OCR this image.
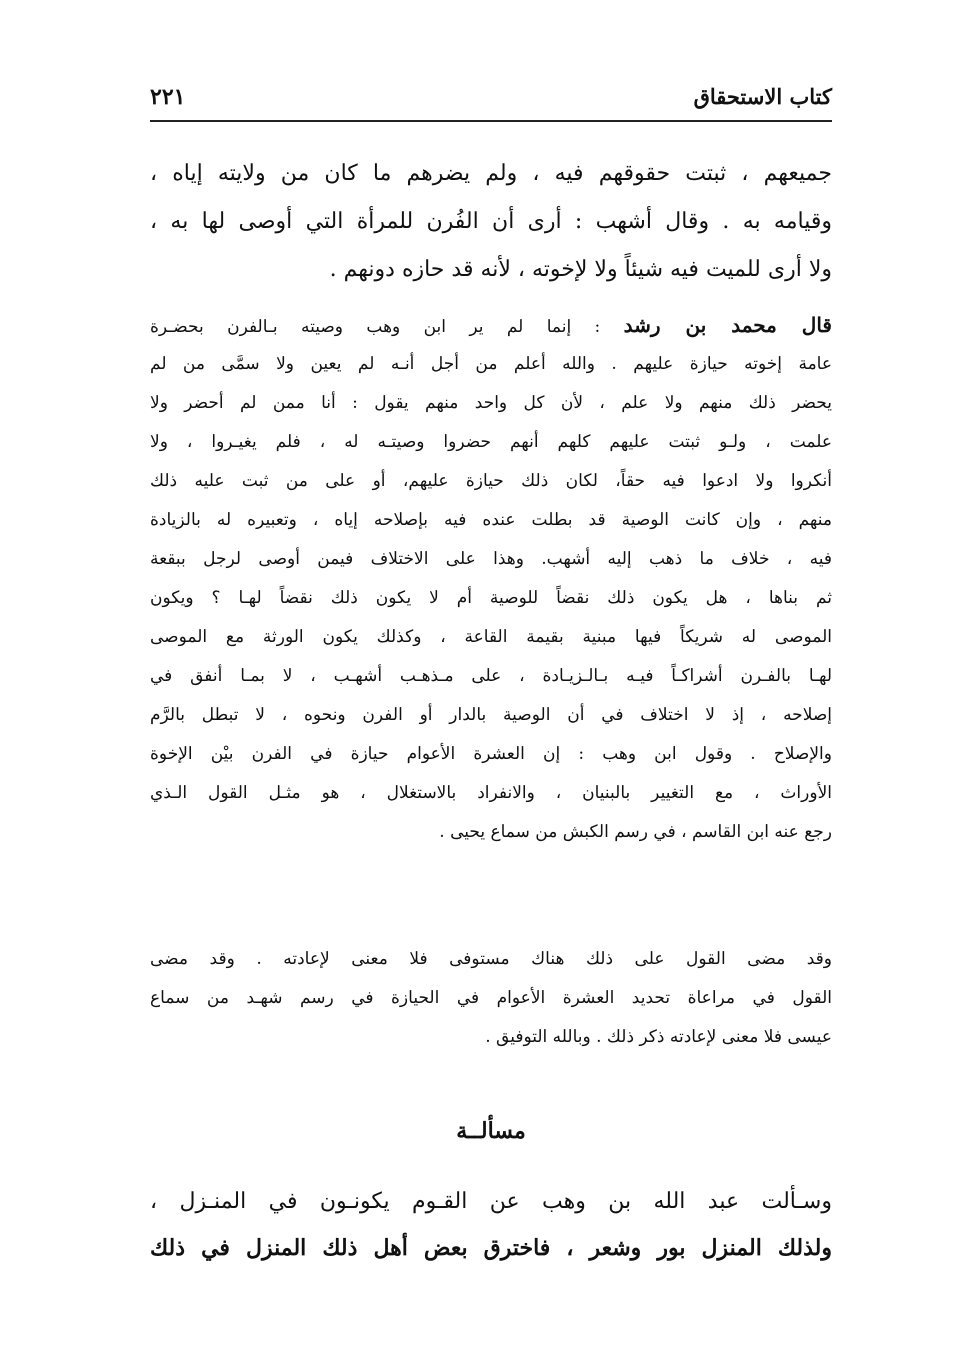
كتاب الاستحقاق
٢٢١
جميعهم ، ثبتت حقوقهم فيه ، ولم يضرهم ما كان من ولايته إياه ،
وقيامه به . وقال أشهب : أرى أن الفُرن للمرأة التي أوصى لها به ،
ولا أرى للميت فيه شيئاً ولا لإخوته ، لأنه قد حازه دونهم .
قال محمد بن رشد : إنما لم ير ابن وهب وصيته بـالفرن بحضـرة
عامة إخوته حيازة عليهم . والله أعلم من أجل أنـه لم يعين ولا سمَّى من لم
يحضر ذلك منهم ولا علم ، لأن كل واحد منهم يقول : أنا ممن لم أحضر ولا
علمت ، ولـو ثبتت عليهم كلهم أنهم حضروا وصيتـه له ، فلم يغيـروا ، ولا
أنكروا ولا ادعوا فيه حقاً، لكان ذلك حيازة عليهم، أو على من ثبت عليه ذلك
منهم ، وإن كانت الوصية قد بطلت عنده فيه بإصلاحه إياه ، وتعبيره له بالزيادة
فيه ، خلاف ما ذهب إليه أشهب. وهذا على الاختلاف فيمن أوصى لرجل ببقعة
ثم بناها ، هل يكون ذلك نقضاً للوصية أم لا يكون ذلك نقضاً لهـا ؟ ويكون
الموصى له شريكاً فيها مبنية بقيمة القاعة ، وكذلك يكون الورثة مع الموصى
لهـا بالفـرن أشراكـاً فيـه بـالـزيـادة ، على مـذهـب أشهـب ، لا بمـا أنفق في
إصلاحه ، إذ لا اختلاف في أن الوصية بالدار أو الفرن ونحوه ، لا تبطل بالرَّم
والإصلاح . وقول ابن وهب : إن العشرة الأعوام حيازة في الفرن بيْن الإخوة
الأوراث ، مع التغيير بالبنيان ، والانفراد بالاستغلال ، هو مثـل القول الـذي
رجع عنه ابن القاسم ، في رسم الكبش من سماع يحيى .
وقد مضى القول على ذلك هناك مستوفى فلا معنى لإعادته . وقد مضى
القول في مراعاة تحديد العشرة الأعوام في الحيازة في رسم شهـد من سماع
عيسى فلا معنى لإعادته ذكر ذلك . وبالله التوفيق .
مسألــة
وسـألت عبد الله بن وهب عن القـوم يكونـون في المنـزل ،
ولذلك المنزل بور وشعر ، فاخترق بعض أهل ذلك المنزل في ذلك
